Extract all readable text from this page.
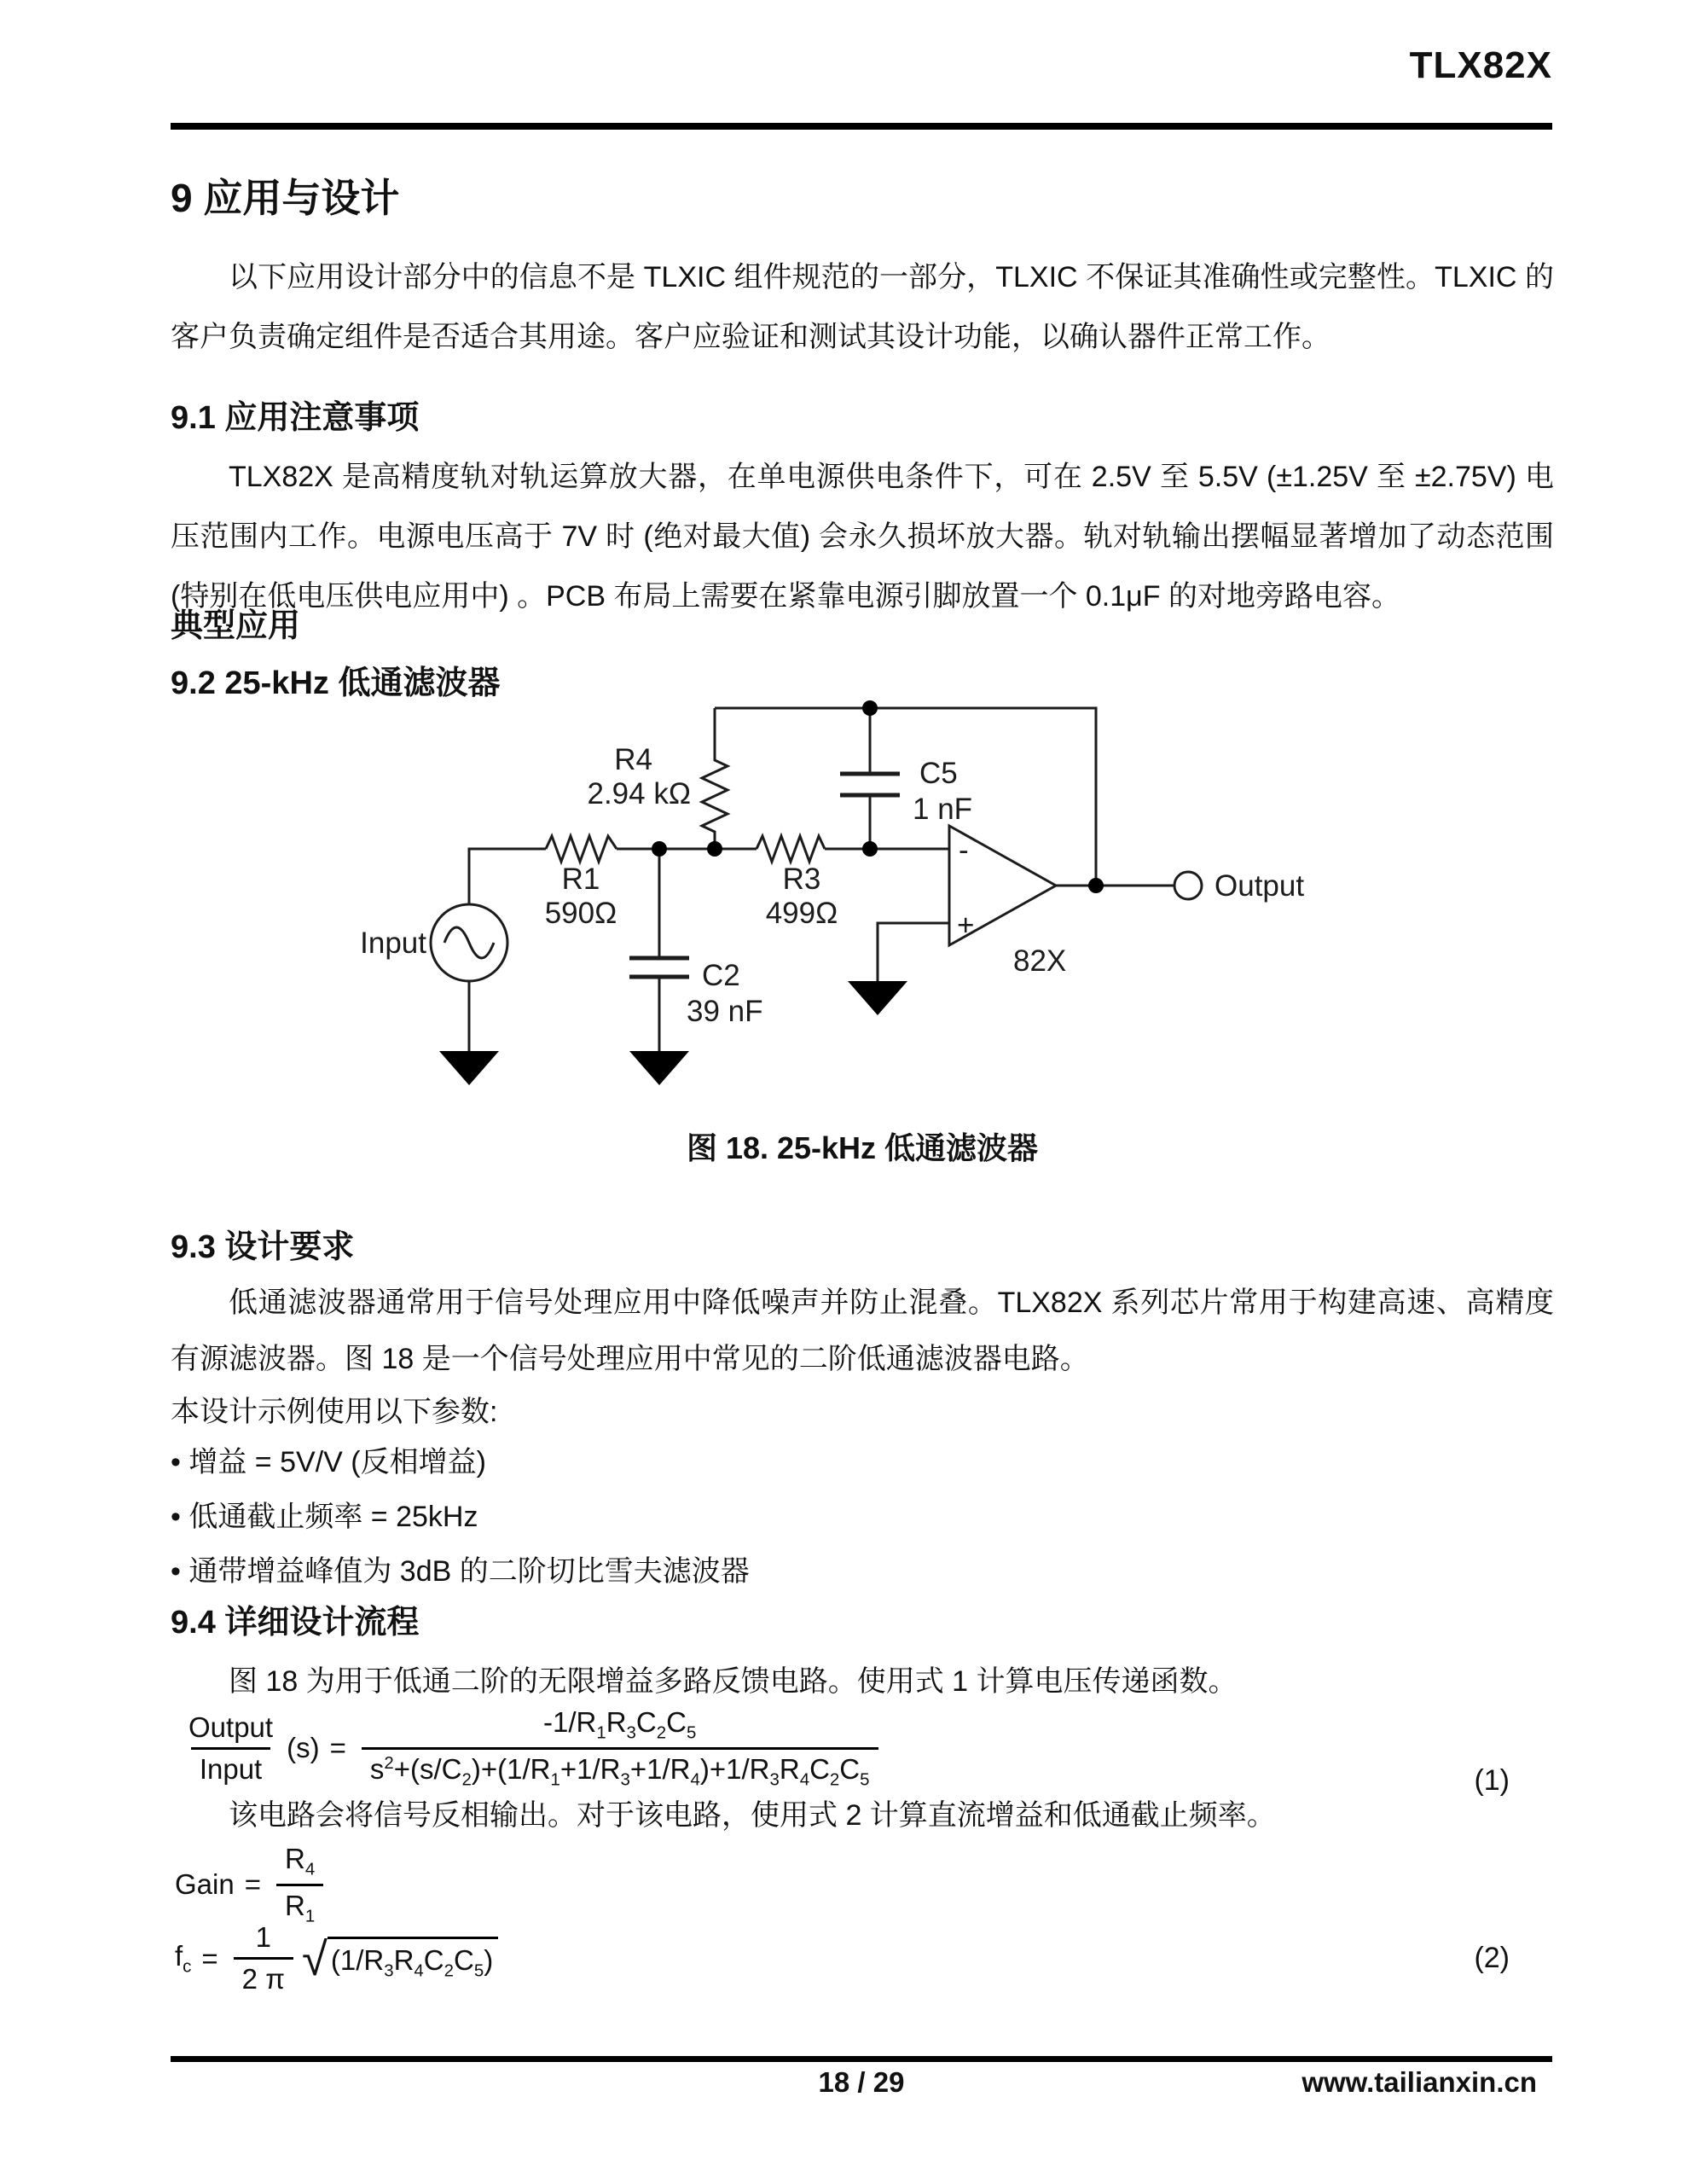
TLX82X
9 应用与设计
以下应用设计部分中的信息不是 TLXIC 组件规范的一部分，TLXIC 不保证其准确性或完整性。TLXIC 的客户负责确定组件是否适合其用途。客户应验证和测试其设计功能，以确认器件正常工作。
9.1 应用注意事项
TLX82X 是高精度轨对轨运算放大器，在单电源供电条件下，可在 2.5V 至 5.5V (±1.25V 至 ±2.75V) 电压范围内工作。电源电压高于 7V 时 (绝对最大值) 会永久损坏放大器。轨对轨输出摆幅显著增加了动态范围 (特别在低电压供电应用中) 。PCB 布局上需要在紧靠电源引脚放置一个 0.1μF 的对地旁路电容。
典型应用
9.2 25-kHz 低通滤波器
-
+
Input
Output
82X
R1
590Ω
R3
499Ω
R4
2.94 kΩ
C5
1 nF
C2
39 nF
图 18. 25-kHz 低通滤波器
9.3 设计要求
低通滤波器通常用于信号处理应用中降低噪声并防止混叠。TLX82X 系列芯片常用于构建高速、高精度有源滤波器。图 18 是一个信号处理应用中常见的二阶低通滤波器电路。
本设计示例使用以下参数:
• 增益 = 5V/V (反相增益)
• 低通截止频率 = 25kHz
• 通带增益峰值为 3dB 的二阶切比雪夫滤波器
9.4 详细设计流程
图 18 为用于低通二阶的无限增益多路反馈电路。使用式 1 计算电压传递函数。
$\frac{\text{Output}}{\text{Input}} (s) = \frac{-1/R_1R_3C_2C_5}{s^2+(s/C_2)+(1/R_1+1/R_3+1/R_4)+1/R_3R_4C_2C_5}$	(1)
该电路会将信号反相输出。对于该电路，使用式 2 计算直流增益和低通截止频率。
Gain = $\frac{R_4}{R_1}$
$f_c = \frac{1}{2 \pi}$ √ $(1/R_3R_4C_2C_5)$	(2)
18 / 29	www.tailianxin.cn
